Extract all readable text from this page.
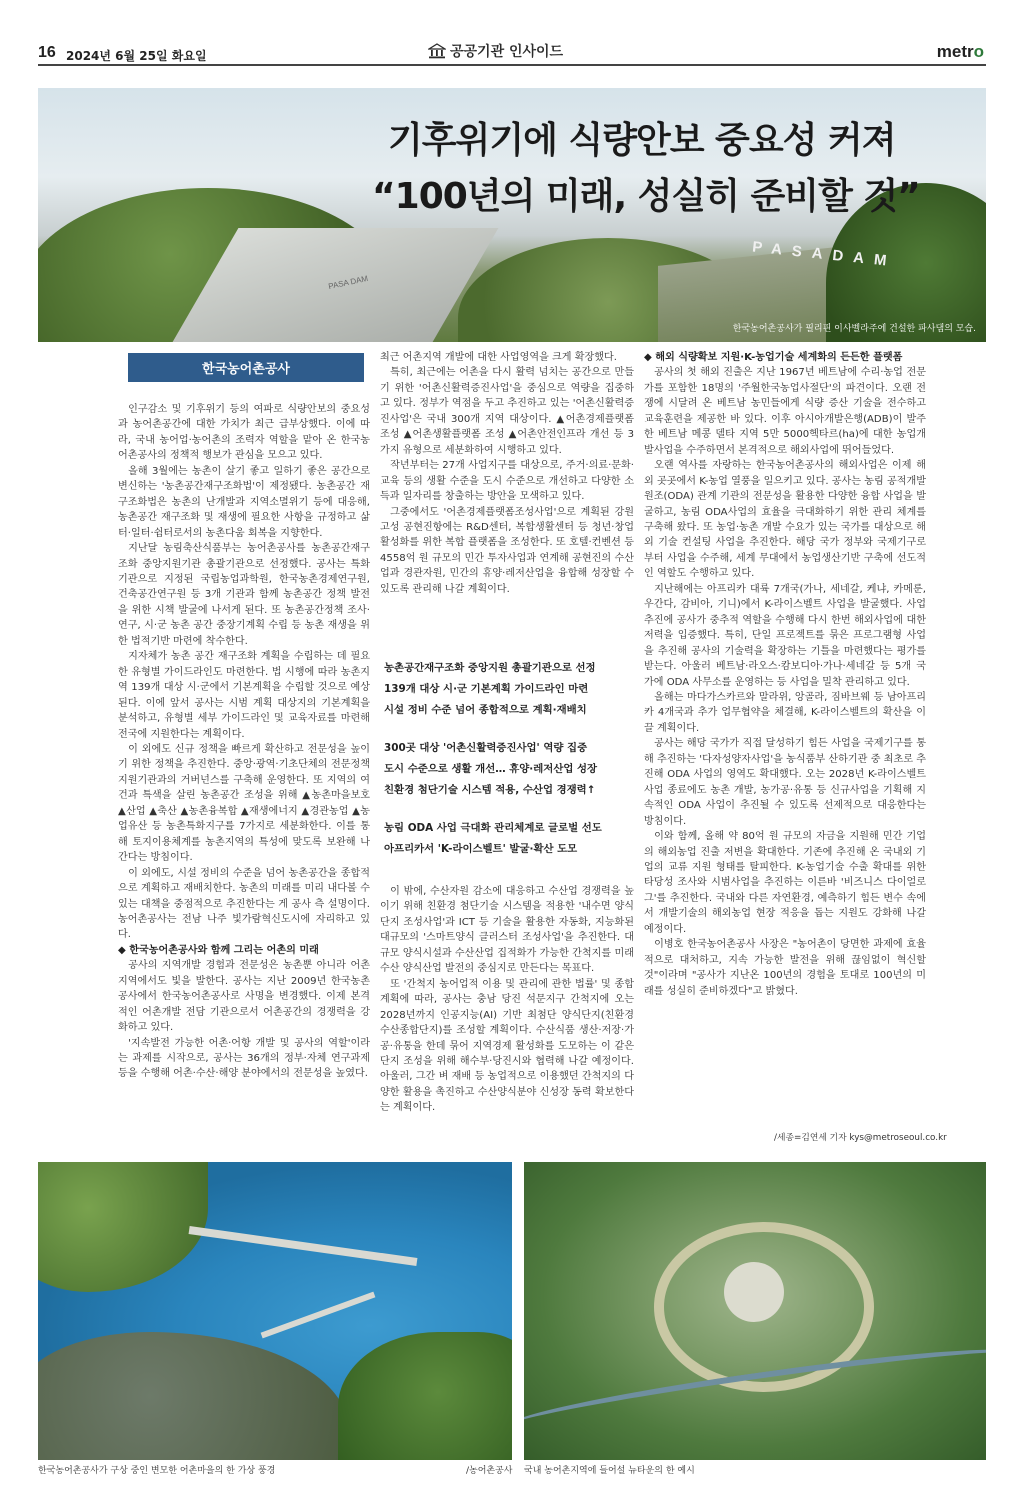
16 2024년 6월 25일 화요일	공공기관 인사이드	metro
PASADAM
PASA DAM
한국농어촌공사가 필리핀 이사벨라주에 건설한 파사댐의 모습.
기후위기에 식량안보 중요성 커져
“100년의 미래, 성실히 준비할 것”
한국농어촌공사

인구감소 및 기후위기 등의 여파로 식량안보의 중요성과 농어촌공간에 대한 가치가 최근 급부상했다. 이에 따라, 국내 농어업·농어촌의 조력자 역할을 맡아 온 한국농어촌공사의 정책적 행보가 관심을 모으고 있다.

올해 3월에는 농촌이 살기 좋고 일하기 좋은 공간으로 변신하는 '농촌공간재구조화법'이 제정됐다. 농촌공간 재구조화법은 농촌의 난개발과 지역소멸위기 등에 대응해, 농촌공간 재구조화 및 재생에 필요한 사항을 규정하고 삶터·일터·쉼터로서의 농촌다움 회복을 지향한다.

지난달 농림축산식품부는 농어촌공사를 농촌공간재구조화 중앙지원기관 총괄기관으로 선정했다. 공사는 특화기관으로 지정된 국립농업과학원, 한국농촌경제연구원, 건축공간연구원 등 3개 기관과 함께 농촌공간 정책 발전을 위한 시책 발굴에 나서게 된다. 또 농촌공간정책 조사·연구, 시·군 농촌 공간 중장기계획 수립 등 농촌 재생을 위한 법적기반 마련에 착수한다.

지자체가 농촌 공간 재구조화 계획을 수립하는 데 필요한 유형별 가이드라인도 마련한다. 법 시행에 따라 농촌지역 139개 대상 시·군에서 기본계획을 수립할 것으로 예상된다. 이에 앞서 공사는 시범 계획 대상지의 기본계획을 분석하고, 유형별 세부 가이드라인 및 교육자료를 마련해 전국에 지원한다는 계획이다.

이 외에도 신규 정책을 빠르게 확산하고 전문성을 높이기 위한 정책을 추진한다. 중앙·광역·기초단체의 전문정책 지원기관과의 거버넌스를 구축해 운영한다. 또 지역의 여건과 특색을 살린 농촌공간 조성을 위해 ▲농촌마을보호 ▲산업 ▲축산 ▲농촌융복합 ▲재생에너지 ▲경관농업 ▲농업유산 등 농촌특화지구를 7가지로 세분화한다. 이를 통해 토지이용체계를 농촌지역의 특성에 맞도록 보완해 나간다는 방침이다.

이 외에도, 시설 정비의 수준을 넘어 농촌공간을 종합적으로 계획하고 재배치한다. 농촌의 미래를 미리 내다볼 수 있는 대책을 중점적으로 추진한다는 게 공사 측 설명이다. 농어촌공사는 전남 나주 빛가람혁신도시에 자리하고 있다.

◆ 한국농어촌공사와 함께 그리는 어촌의 미래

공사의 지역개발 경험과 전문성은 농촌뿐 아니라 어촌지역에서도 빛을 발한다. 공사는 지난 2009년 한국농촌공사에서 한국농어촌공사로 사명을 변경했다. 이제 본격적인 어촌개발 전담 기관으로서 어촌공간의 경쟁력을 강화하고 있다.

'지속발전 가능한 어촌·어항 개발 및 공사의 역할'이라는 과제를 시작으로, 공사는 36개의 정부·자체 연구과제 등을 수행해 어촌·수산·해양 분야에서의 전문성을 높였다.

최근 어촌지역 개발에 대한 사업영역을 크게 확장했다.

특히, 최근에는 어촌을 다시 활력 넘치는 공간으로 만들기 위한 '어촌신활력증진사업'을 중심으로 역량을 집중하고 있다. 정부가 역점을 두고 추진하고 있는 '어촌신활력증진사업'은 국내 300개 지역 대상이다. ▲어촌경제플랫폼 조성 ▲어촌생활플랫폼 조성 ▲어촌안전인프라 개선 등 3가지 유형으로 세분화하여 시행하고 있다.

작년부터는 27개 사업지구를 대상으로, 주거·의료·문화·교육 등의 생활 수준을 도시 수준으로 개선하고 다양한 소득과 일자리를 창출하는 방안을 모색하고 있다.

그중에서도 '어촌경제플랫폼조성사업'으로 계획된 강원 고성 공현진항에는 R&D센터, 복합생활센터 등 청년·창업 활성화를 위한 복합 플랫폼을 조성한다. 또 호텔·컨벤션 등 4558억 원 규모의 민간 투자사업과 연계해 공현진의 수산업과 경관자원, 민간의 휴양·레저산업을 융합해 성장할 수 있도록 관리해 나갈 계획이다.

농촌공간재구조화 중앙지원 총괄기관으로 선정
139개 대상 시·군 기본계획 가이드라인 마련
시설 정비 수준 넘어 종합적으로 계획·재배치
300곳 대상 '어촌신활력증진사업' 역량 집중
도시 수준으로 생활 개선… 휴양·레저산업 성장
친환경 첨단기술 시스템 적용, 수산업 경쟁력↑
농림 ODA 사업 극대화 관리체계로 글로벌 선도
아프리카서 'K-라이스벨트' 발굴·확산 도모

이 밖에, 수산자원 감소에 대응하고 수산업 경쟁력을 높이기 위해 친환경 첨단기술 시스템을 적용한 '내수면 양식단지 조성사업'과 ICT 등 기술을 활용한 자동화, 지능화된 대규모의 '스마트양식 클러스터 조성사업'을 추진한다. 대규모 양식시설과 수산산업 집적화가 가능한 간척지를 미래 수산 양식산업 발전의 중심지로 만든다는 목표다.

또 '간척지 농어업적 이용 및 관리에 관한 법률' 및 종합계획에 따라, 공사는 충남 당진 석문지구 간척지에 오는 2028년까지 인공지능(AI) 기반 최첨단 양식단지(친환경수산종합단지)를 조성할 계획이다. 수산식품 생산·저장·가공·유통을 한데 묶어 지역경제 활성화를 도모하는 이 같은 단지 조성을 위해 해수부·당진시와 협력해 나갈 예정이다. 아울러, 그간 벼 재배 등 농업적으로 이용했던 간척지의 다양한 활용을 촉진하고 수산양식분야 신성장 동력 확보한다는 계획이다.

◆ 해외 식량확보 지원·K-농업기술 세계화의 든든한 플랫폼

공사의 첫 해외 진출은 지난 1967년 베트남에 수리·농업 전문가를 포함한 18명의 '주월한국농업사절단'의 파견이다. 오랜 전쟁에 시달려 온 베트남 농민들에게 식량 증산 기술을 전수하고 교육훈련을 제공한 바 있다. 이후 아시아개발은행(ADB)이 발주한 베트남 메콩 델타 지역 5만 5000헥타르(ha)에 대한 농업개발사업을 수주하면서 본격적으로 해외사업에 뛰어들었다.

오랜 역사를 자랑하는 한국농어촌공사의 해외사업은 이제 해외 곳곳에서 K-농업 열풍을 일으키고 있다. 공사는 농림 공적개발원조(ODA) 관계 기관의 전문성을 활용한 다양한 융합 사업을 발굴하고, 농림 ODA사업의 효율을 극대화하기 위한 관리 체계를 구축해 왔다. 또 농업·농촌 개발 수요가 있는 국가를 대상으로 해외 기술 컨설팅 사업을 추진한다. 해당 국가 정부와 국제기구로부터 사업을 수주해, 세계 무대에서 농업생산기반 구축에 선도적인 역할도 수행하고 있다.

지난해에는 아프리카 대륙 7개국(가나, 세네갈, 케냐, 카메룬, 우간다, 감비아, 기니)에서 K-라이스벨트 사업을 발굴했다. 사업 추진에 공사가 중추적 역할을 수행해 다시 한번 해외사업에 대한 저력을 입증했다. 특히, 단일 프로젝트를 묶은 프로그램형 사업을 추진해 공사의 기술력을 확장하는 기틀을 마련했다는 평가를 받는다. 아울러 베트남·라오스·캄보디아·가나·세네갈 등 5개 국가에 ODA 사무소를 운영하는 등 사업을 밀착 관리하고 있다.

올해는 마다가스카르와 말라위, 앙골라, 짐바브웨 등 남아프리카 4개국과 추가 업무협약을 체결해, K-라이스벨트의 확산을 이끌 계획이다.

공사는 해당 국가가 직접 달성하기 힘든 사업을 국제기구를 통해 추진하는 '다자성양자사업'을 농식품부 산하기관 중 최초로 추진해 ODA 사업의 영역도 확대했다. 오는 2028년 K-라이스벨트 사업 종료에도 농촌 개발, 농가공·유통 등 신규사업을 기획해 지속적인 ODA 사업이 추진될 수 있도록 선제적으로 대응한다는 방침이다.

이와 함께, 올해 약 80억 원 규모의 자금을 지원해 민간 기업의 해외농업 진출 저변을 확대한다. 기존에 추진해 온 국내외 기업의 교류 지원 형태를 탈피한다. K-농업기술 수출 확대를 위한 타당성 조사와 시범사업을 추진하는 이른바 '비즈니스 다이얼로그'를 추진한다. 국내와 다른 자연환경, 예측하기 힘든 변수 속에서 개발기술의 해외농업 현장 적응을 돕는 지원도 강화해 나갈 예정이다.

이병호 한국농어촌공사 사장은 "농어촌이 당면한 과제에 효율적으로 대처하고, 지속 가능한 발전을 위해 끊임없이 혁신할 것"이라며 "공사가 지난온 100년의 경험을 토대로 100년의 미래를 성실히 준비하겠다"고 밝혔다.

/세종=김연세 기자 kys@metroseoul.co.kr
한국농어촌공사가 구상 중인 변모한 어촌마을의 한 가상 풍경	/농어촌공사 국내 농어촌지역에 들어설 뉴타운의 한 예시
